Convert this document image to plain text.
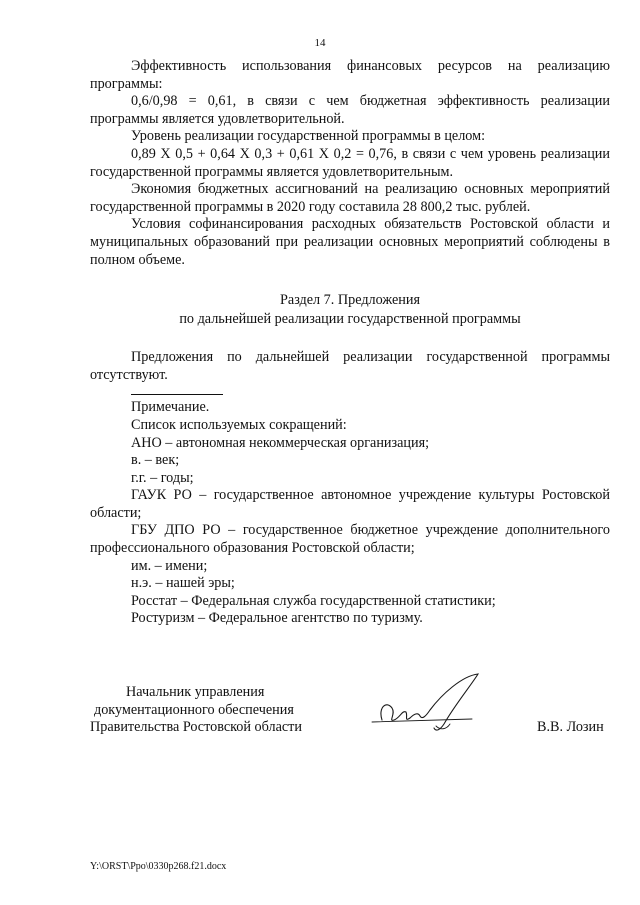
14

Эффективность использования финансовых ресурсов на реализацию программы:

0,6/0,98 = 0,61, в связи с чем бюджетная эффективность реализации программы является удовлетворительной.

Уровень реализации государственной программы в целом:

0,89 Х 0,5 + 0,64 Х 0,3 + 0,61 Х 0,2 = 0,76, в связи с чем уровень реализации государственной программы является удовлетворительным.

Экономия бюджетных ассигнований на реализацию основных мероприятий государственной программы в 2020 году составила 28 800,2 тыс. рублей.

Условия софинансирования расходных обязательств Ростовской области и муниципальных образований при реализации основных мероприятий соблюдены в полном объеме.

Раздел 7. Предложения
по дальнейшей реализации государственной программы

Предложения по дальнейшей реализации государственной программы отсутствуют.

Примечание.

Список используемых сокращений:

АНО – автономная некоммерческая организация;

в. – век;

г.г. – годы;

ГАУК РО – государственное автономное учреждение культуры Ростовской области;

ГБУ ДПО РО – государственное бюджетное учреждение дополнительного профессионального образования Ростовской области;

им. – имени;

н.э. – нашей эры;

Росстат – Федеральная служба государственной статистики;

Ростуризм – Федеральное агентство по туризму.

Начальник управления
документационного обеспечения
Правительства Ростовской области	В.В. Лозин
Y:\ORST\Ppo\0330p268.f21.docx
